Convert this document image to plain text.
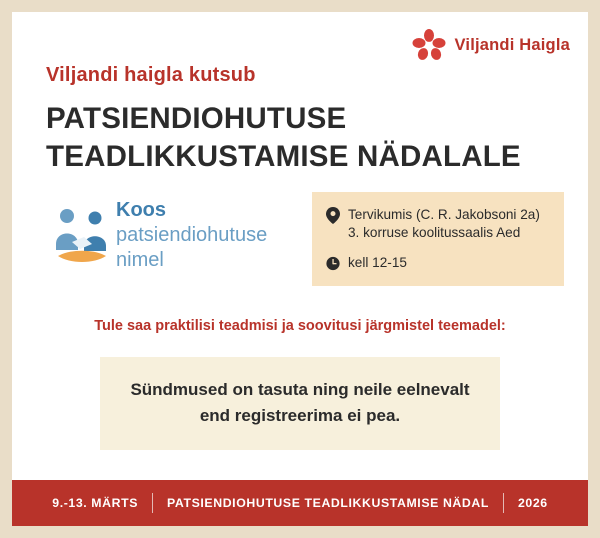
Viljandi Haigla
Viljandi haigla kutsub
PATSIENDIOHUTUSE
TEADLIKKUSTAMISE NÄDALALE
Koos
patsiendiohutuse
nimel
Tervikumis (C. R. Jakobsoni 2a)
3. korruse koolitussaalis Aed
kell 12-15
Tule saa praktilisi teadmisi ja soovitusi järgmistel teemadel:
Sündmused on tasuta ning neile eelnevalt
end registreerima ei pea.
9.-13. MÄRTS	PATSIENDIOHUTUSE TEADLIKKUSTAMISE NÄDAL	2026
